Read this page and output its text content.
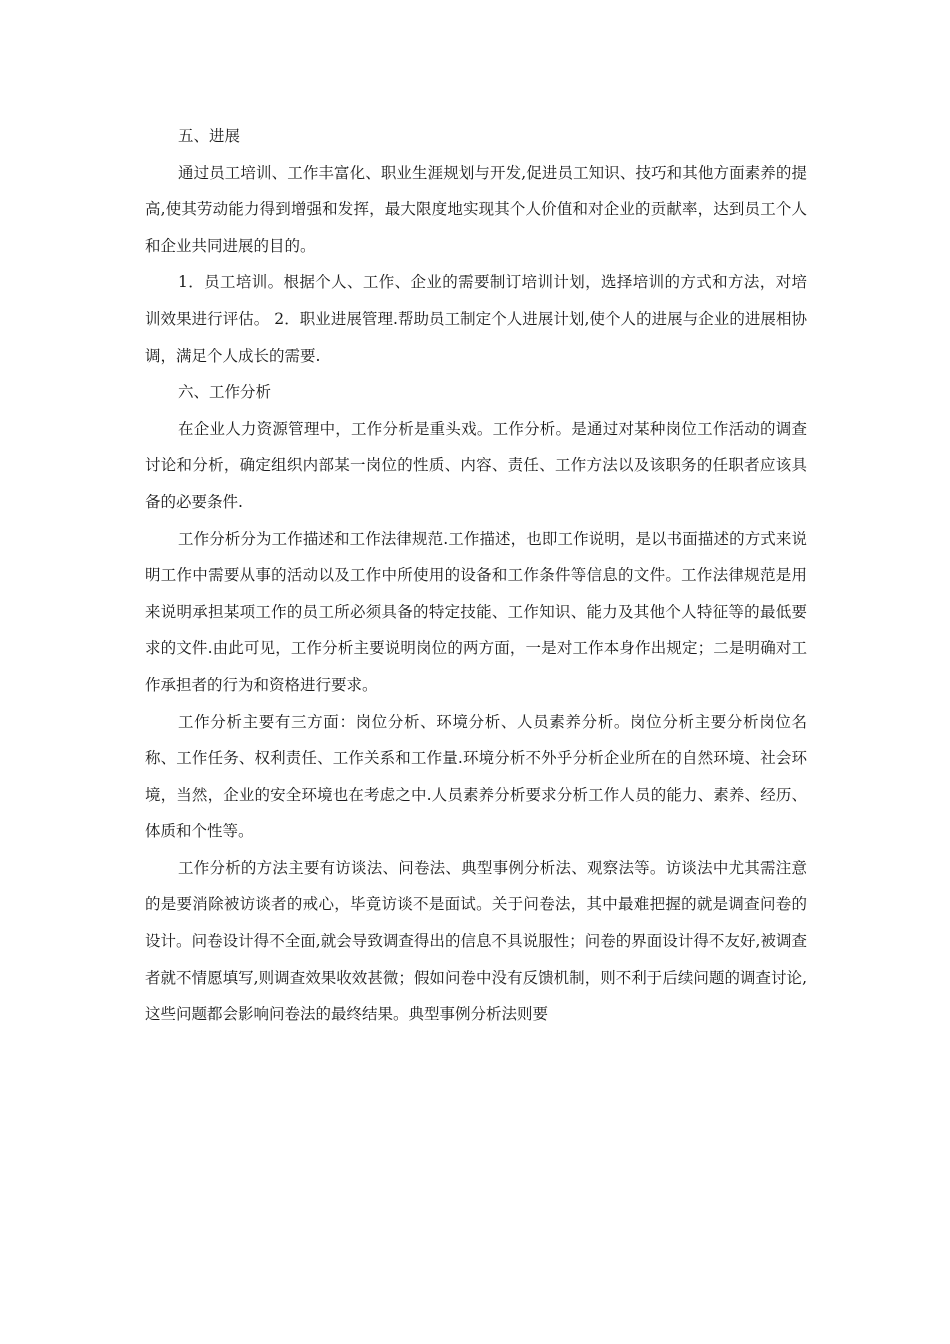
五、进展

通过员工培训、工作丰富化、职业生涯规划与开发,促进员工知识、技巧和其他方面素养的提高,使其劳动能力得到增强和发挥，最大限度地实现其个人价值和对企业的贡献率，达到员工个人和企业共同进展的目的。

1．员工培训。根据个人、工作、企业的需要制订培训计划，选择培训的方式和方法，对培训效果进行评估。 2．职业进展管理.帮助员工制定个人进展计划,使个人的进展与企业的进展相协调，满足个人成长的需要.

六、工作分析

在企业人力资源管理中，工作分析是重头戏。工作分析。是通过对某种岗位工作活动的调查讨论和分析，确定组织内部某一岗位的性质、内容、责任、工作方法以及该职务的任职者应该具备的必要条件.

工作分析分为工作描述和工作法律规范.工作描述，也即工作说明，是以书面描述的方式来说明工作中需要从事的活动以及工作中所使用的设备和工作条件等信息的文件。工作法律规范是用来说明承担某项工作的员工所必须具备的特定技能、工作知识、能力及其他个人特征等的最低要求的文件.由此可见，工作分析主要说明岗位的两方面，一是对工作本身作出规定；二是明确对工作承担者的行为和资格进行要求。

工作分析主要有三方面：岗位分析、环境分析、人员素养分析。岗位分析主要分析岗位名称、工作任务、权利责任、工作关系和工作量.环境分析不外乎分析企业所在的自然环境、社会环境，当然，企业的安全环境也在考虑之中.人员素养分析要求分析工作人员的能力、素养、经历、体质和个性等。

工作分析的方法主要有访谈法、问卷法、典型事例分析法、观察法等。访谈法中尤其需注意的是要消除被访谈者的戒心，毕竟访谈不是面试。关于问卷法，其中最难把握的就是调查问卷的设计。问卷设计得不全面,就会导致调查得出的信息不具说服性；问卷的界面设计得不友好,被调查者就不情愿填写,则调查效果收效甚微；假如问卷中没有反馈机制，则不利于后续问题的调查讨论,这些问题都会影响问卷法的最终结果。典型事例分析法则要
